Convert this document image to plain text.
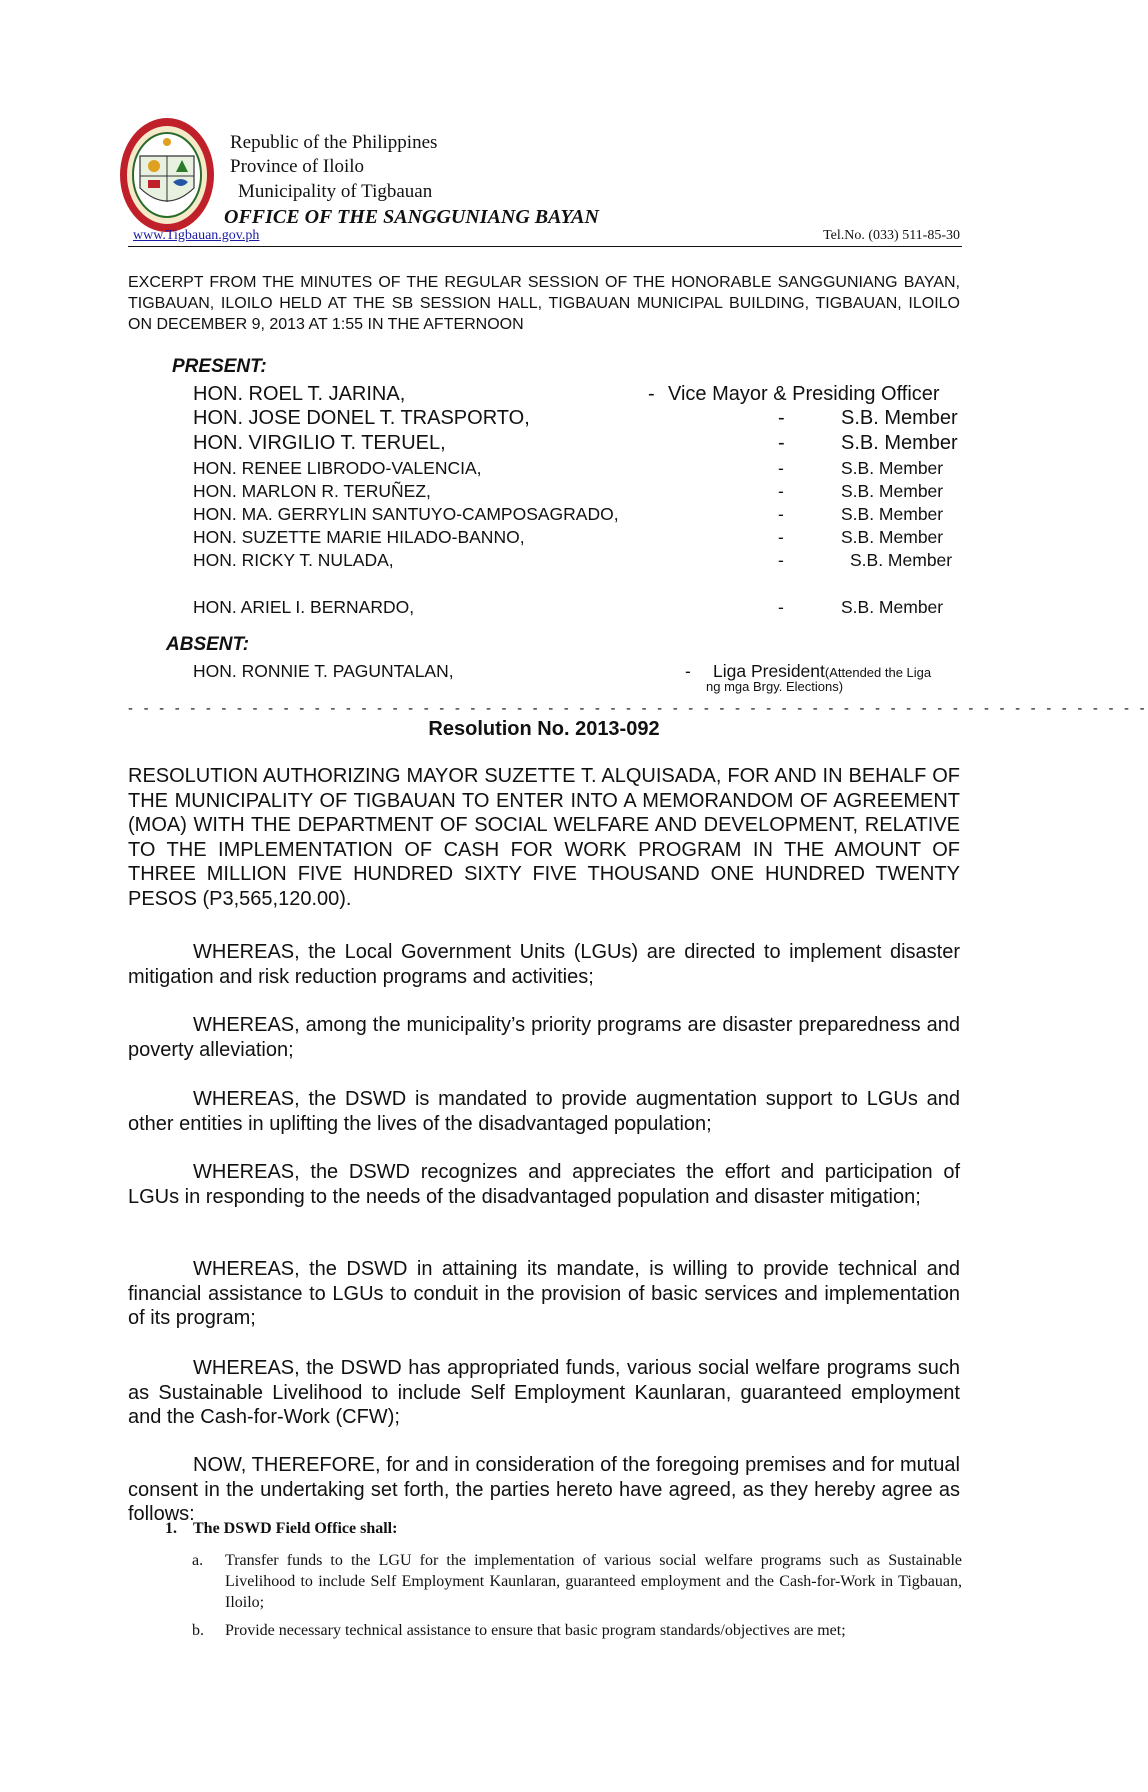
Republic of the Philippines
Province of Iloilo
Municipality of Tigbauan
OFFICE OF THE SANGGUNIANG BAYAN
www.Tigbauan.gov.ph	Tel.No. (033) 511-85-30
EXCERPT FROM THE MINUTES OF THE REGULAR SESSION OF THE HONORABLE SANGGUNIANG BAYAN, TIGBAUAN, ILOILO HELD AT THE SB SESSION HALL, TIGBAUAN MUNICIPAL BUILDING, TIGBAUAN, ILOILO ON DECEMBER 9, 2013 AT 1:55 IN THE AFTERNOON
PRESENT:
HON. ROEL T. JARINA,	- Vice Mayor & Presiding Officer
HON. JOSE DONEL T. TRASPORTO,	-	S.B. Member
HON. VIRGILIO T. TERUEL,	-	S.B. Member
HON. RENEE LIBRODO-VALENCIA,	-	S.B. Member
HON. MARLON R. TERUÑEZ,	-	S.B. Member
HON. MA. GERRYLIN SANTUYO-CAMPOSAGRADO,	-	S.B. Member
HON. SUZETTE MARIE HILADO-BANNO,	-	S.B. Member
HON. RICKY T. NULADA,	-	S.B. Member
HON. ARIEL I. BERNARDO,	-	S.B. Member
ABSENT:
HON. RONNIE T. PAGUNTALAN,	- Liga President(Attended the Liga
ng mga Brgy. Elections)
- - - - - - - - - - - - - - - - - - - - - - - - - - - - - - - - - - - - - - - - - - - - - - - - - - - - - - - - - - - - - - - - - -
Resolution No. 2013-092
RESOLUTION AUTHORIZING MAYOR SUZETTE T. ALQUISADA, FOR AND IN BEHALF OF THE MUNICIPALITY OF TIGBAUAN TO ENTER INTO A MEMORANDOM OF AGREEMENT (MOA) WITH THE DEPARTMENT OF SOCIAL WELFARE AND DEVELOPMENT, RELATIVE TO THE IMPLEMENTATION OF CASH FOR WORK PROGRAM IN THE AMOUNT OF THREE MILLION FIVE HUNDRED SIXTY FIVE THOUSAND ONE HUNDRED TWENTY PESOS (P3,565,120.00).
WHEREAS, the Local Government Units (LGUs) are directed to implement disaster mitigation and risk reduction programs and activities;
WHEREAS, among the municipality’s priority programs are disaster preparedness and poverty alleviation;
WHEREAS, the DSWD is mandated to provide augmentation support to LGUs and other entities in uplifting the lives of the disadvantaged population;
WHEREAS, the DSWD recognizes and appreciates the effort and participation of LGUs in responding to the needs of the disadvantaged population and disaster mitigation;
WHEREAS, the DSWD in attaining its mandate, is willing to provide technical and financial assistance to LGUs to conduit in the provision of basic services and implementation of its program;
WHEREAS, the DSWD has appropriated funds, various social welfare programs such as Sustainable Livelihood to include Self Employment Kaunlaran, guaranteed employment and the Cash-for-Work (CFW);
NOW, THEREFORE, for and in consideration of the foregoing premises and for mutual consent in the undertaking set forth, the parties hereto have agreed, as they hereby agree as follows:
1. The DSWD Field Office shall:
a. Transfer funds to the LGU for the implementation of various social welfare programs such as Sustainable Livelihood to include Self Employment Kaunlaran, guaranteed employment and the Cash-for-Work in Tigbauan, Iloilo;
b. Provide necessary technical assistance to ensure that basic program standards/objectives are met;
